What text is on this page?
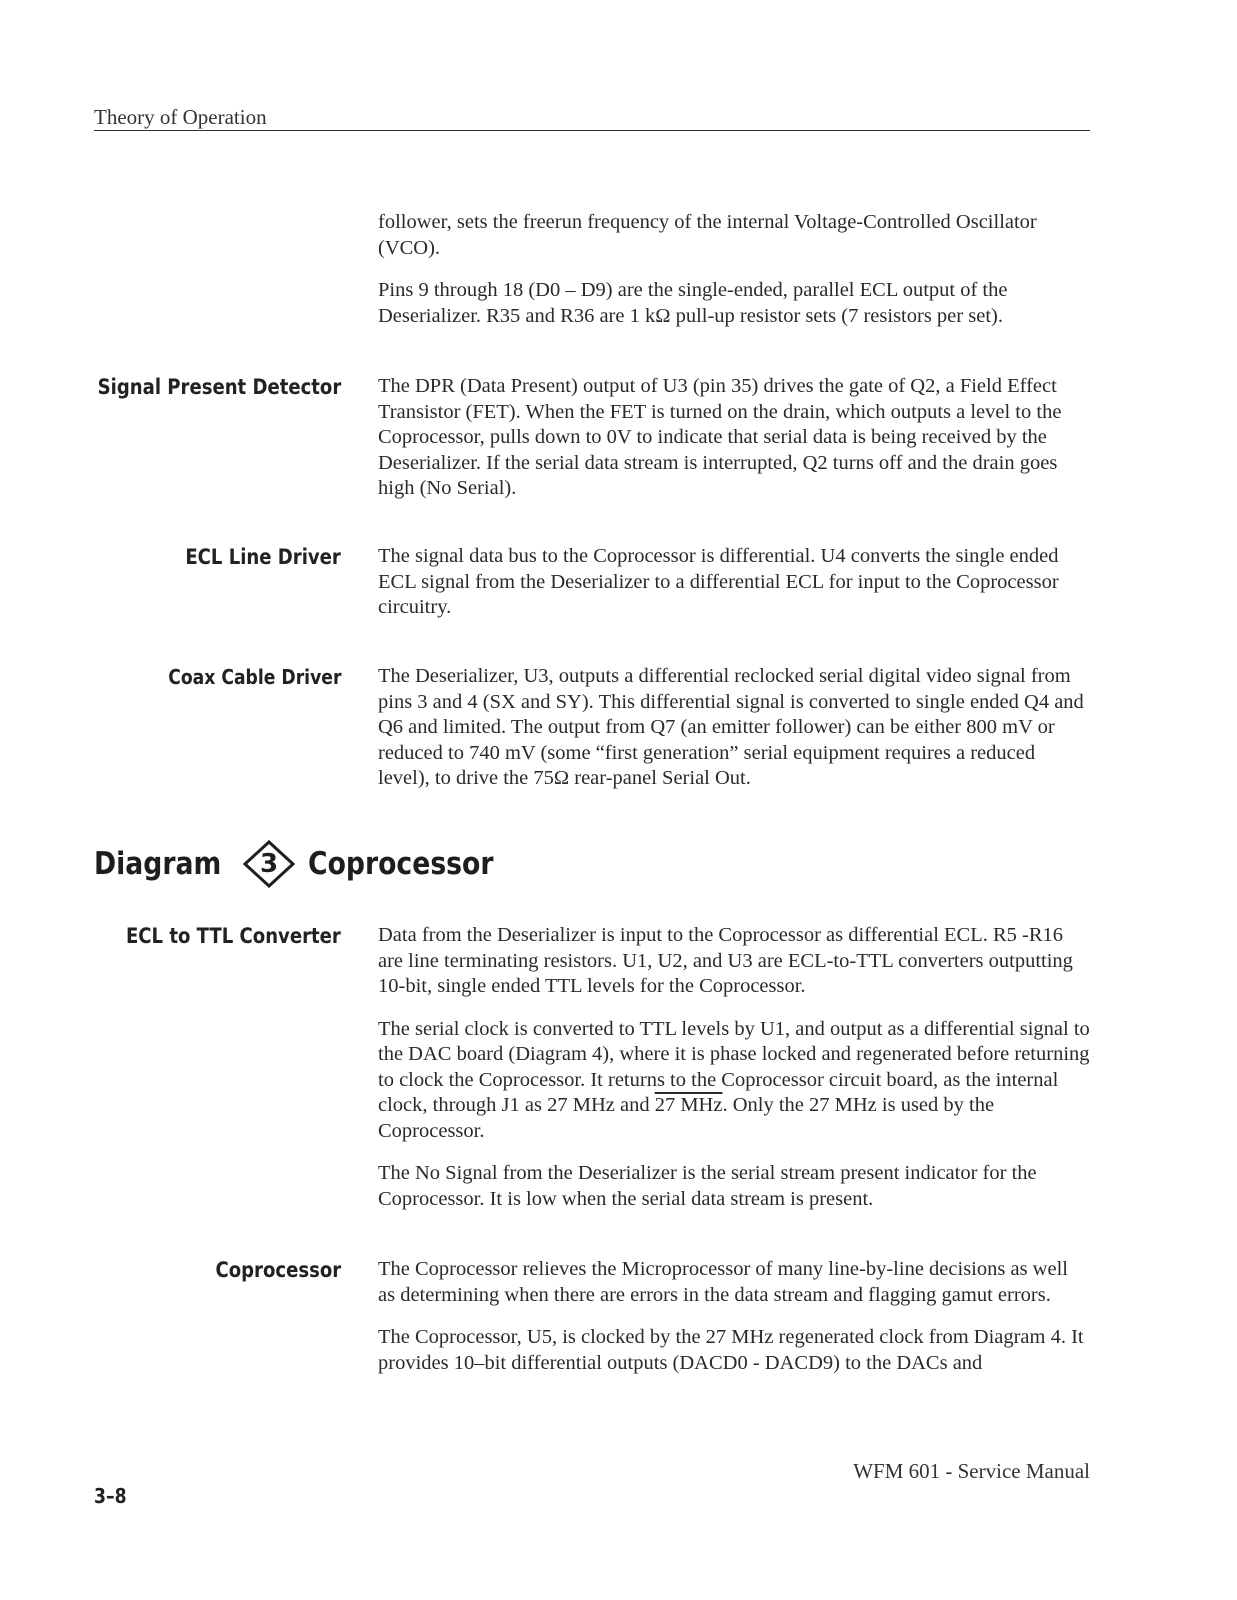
Theory of Operation

follower, sets the freerun frequency of the internal Voltage-Controlled Oscillator (VCO).

Pins 9 through 18 (D0 – D9) are the single-ended, parallel ECL output of the Deserializer. R35 and R36 are 1 kΩ pull-up resistor sets (7 resistors per set).

Signal Present Detector The DPR (Data Present) output of U3 (pin 35) drives the gate of Q2, a Field Effect Transistor (FET). When the FET is turned on the drain, which outputs a level to the Coprocessor, pulls down to 0V to indicate that serial data is being received by the Deserializer. If the serial data stream is interrupted, Q2 turns off and the drain goes high (No Serial).

ECL Line Driver The signal data bus to the Coprocessor is differential. U4 converts the single ended ECL signal from the Deserializer to a differential ECL for input to the Coprocessor circuitry.

Coax Cable Driver The Deserializer, U3, outputs a differential reclocked serial digital video signal from pins 3 and 4 (SX and SY). This differential signal is converted to single ended Q4 and Q6 and limited. The output from Q7 (an emitter follower) can be either 800 mV or reduced to 740 mV (some “first generation” serial equipment requires a reduced level), to drive the 75Ω rear-panel Serial Out.

Diagram	3 Coprocessor
ECL to TTL Converter Data from the Deserializer is input to the Coprocessor as differential ECL. R5 -R16 are line terminating resistors. U1, U2, and U3 are ECL-to-TTL converters outputting 10-bit, single ended TTL levels for the Coprocessor.

The serial clock is converted to TTL levels by U1, and output as a differential signal to the DAC board (Diagram 4), where it is phase locked and regenerated before returning to clock the Coprocessor. It returns to the Coprocessor circuit board, as the internal clock, through J1 as 27 MHz and 27 MHz. Only the 27 MHz is used by the Coprocessor.

The No Signal from the Deserializer is the serial stream present indicator for the Coprocessor. It is low when the serial data stream is present.

Coprocessor The Coprocessor relieves the Microprocessor of many line-by-line decisions as well as determining when there are errors in the data stream and flagging gamut errors.

The Coprocessor, U5, is clocked by the 27 MHz regenerated clock from Diagram 4. It provides 10–bit differential outputs (DACD0 - DACD9) to the DACs and

WFM 601 - Service Manual
3–8
